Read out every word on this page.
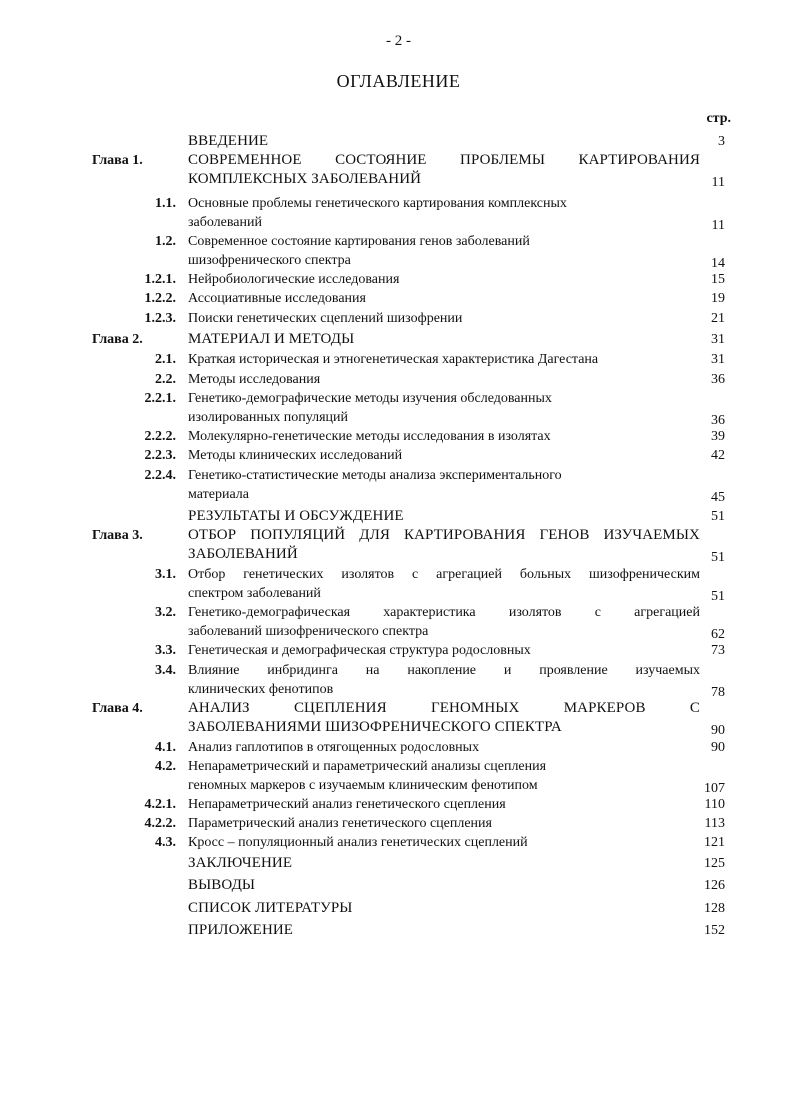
- 2 -
ОГЛАВЛЕНИЕ
стр.
ВВЕДЕНИЕ	3
Глава 1.	СОВРЕМЕННОЕ СОСТОЯНИЕ ПРОБЛЕМЫ КАРТИРОВАНИЯ
КОМПЛЕКСНЫХ ЗАБОЛЕВАНИЙ	11
1.1. Основные проблемы генетического картирования комплексных
заболеваний	11
1.2. Современное состояние картирования генов заболеваний
шизофренического спектра	14
1.2.1. Нейробиологические исследования	15
1.2.2. Ассоциативные исследования	19
1.2.3. Поиски генетических сцеплений шизофрении	21
Глава 2.	МАТЕРИАЛ И МЕТОДЫ	31
2.1. Краткая историческая и этногенетическая характеристика Дагестана	31
2.2. Методы исследования	36
2.2.1. Генетико-демографические методы изучения обследованных
изолированных популяций	36
2.2.2. Молекулярно-генетические методы исследования в изолятах	39
2.2.3. Методы клинических исследований	42
2.2.4. Генетико-статистические методы анализа экспериментального
материала	45
РЕЗУЛЬТАТЫ И ОБСУЖДЕНИЕ	51
Глава 3.	ОТБОР ПОПУЛЯЦИЙ ДЛЯ КАРТИРОВАНИЯ ГЕНОВ ИЗУЧАЕМЫХ
ЗАБОЛЕВАНИЙ	51
3.1. Отбор генетических изолятов с агрегацией больных шизофреническим
спектром заболеваний	51
3.2. Генетико-демографическая характеристика изолятов с агрегацией
заболеваний шизофренического спектра	62
3.3. Генетическая и демографическая структура родословных	73
3.4. Влияние инбридинга на накопление и проявление изучаемых
клинических фенотипов	78
Глава 4.	АНАЛИЗ СЦЕПЛЕНИЯ ГЕНОМНЫХ МАРКЕРОВ С
ЗАБОЛЕВАНИЯМИ ШИЗОФРЕНИЧЕСКОГО СПЕКТРА	90
4.1. Анализ гаплотипов в отягощенных родословных	90
4.2. Непараметрический и параметрический анализы сцепления
геномных маркеров с изучаемым клиническим фенотипом	107
4.2.1. Непараметрический анализ генетического сцепления	110
4.2.2. Параметрический анализ генетического сцепления	113
4.3. Кросс – популяционный анализ генетических сцеплений	121
ЗАКЛЮЧЕНИЕ	125
ВЫВОДЫ	126
СПИСОК ЛИТЕРАТУРЫ	128
ПРИЛОЖЕНИЕ	152
